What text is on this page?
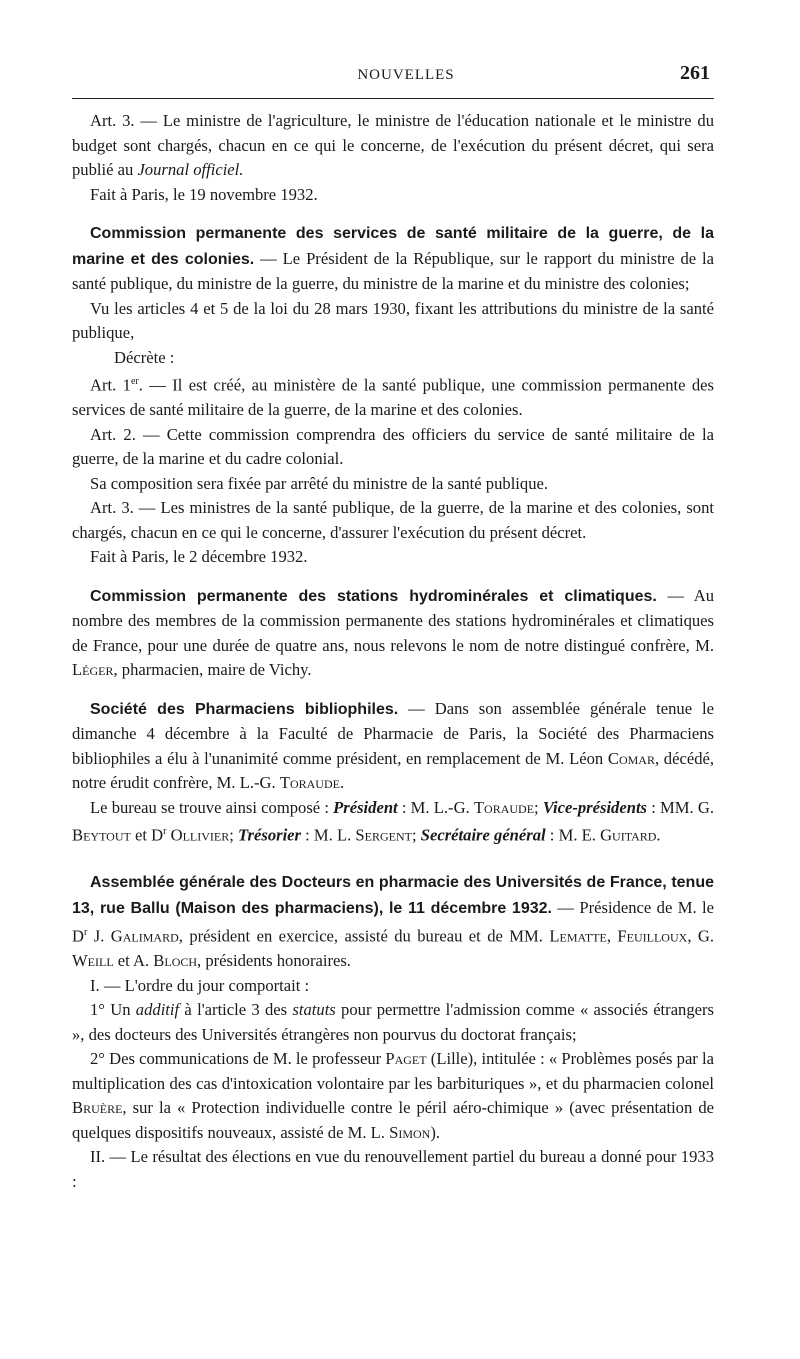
NOUVELLES	261

Art. 3. — Le ministre de l'agriculture, le ministre de l'éducation nationale et le ministre du budget sont chargés, chacun en ce qui le concerne, de l'exécution du présent décret, qui sera publié au Journal officiel.

Fait à Paris, le 19 novembre 1932.

Commission permanente des services de santé militaire de la guerre, de la marine et des colonies. — Le Président de la République, sur le rapport du ministre de la santé publique, du ministre de la guerre, du ministre de la marine et du ministre des colonies;

Vu les articles 4 et 5 de la loi du 28 mars 1930, fixant les attributions du ministre de la santé publique,

Décrète :

Art. 1er. — Il est créé, au ministère de la santé publique, une commission permanente des services de santé militaire de la guerre, de la marine et des colonies.

Art. 2. — Cette commission comprendra des officiers du service de santé militaire de la guerre, de la marine et du cadre colonial.

Sa composition sera fixée par arrêté du ministre de la santé publique.

Art. 3. — Les ministres de la santé publique, de la guerre, de la marine et des colonies, sont chargés, chacun en ce qui le concerne, d'assurer l'exécution du présent décret.

Fait à Paris, le 2 décembre 1932.

Commission permanente des stations hydrominérales et climatiques. — Au nombre des membres de la commission permanente des stations hydrominérales et climatiques de France, pour une durée de quatre ans, nous relevons le nom de notre distingué confrère, M. Léger, pharmacien, maire de Vichy.

Société des Pharmaciens bibliophiles. — Dans son assemblée générale tenue le dimanche 4 décembre à la Faculté de Pharmacie de Paris, la Société des Pharmaciens bibliophiles a élu à l'unanimité comme président, en remplacement de M. Léon Comar, décédé, notre érudit confrère, M. L.-G. Toraude.

Le bureau se trouve ainsi composé : Président : M. L.-G. Toraude; Vice-présidents : MM. G. Beytout et $D^r$ Ollivier; Trésorier : M. L. Sergent; Secrétaire général : M. E. Guitard.

Assemblée générale des Docteurs en pharmacie des Universités de France, tenue 13, rue Ballu (Maison des pharmaciens), le 11 décembre 1932. — Présidence de M. le $D^r$ J. Galimard, président en exercice, assisté du bureau et de MM. Lematte, Feuilloux, G. Weill et A. Bloch, présidents honoraires.

I. — L'ordre du jour comportait :

1° Un additif à l'article 3 des statuts pour permettre l'admission comme « associés étrangers », des docteurs des Universités étrangères non pourvus du doctorat français;

2° Des communications de M. le professeur Paget (Lille), intitulée : « Problèmes posés par la multiplication des cas d'intoxication volontaire par les barbituriques », et du pharmacien colonel Bruère, sur la « Protection individuelle contre le péril aéro-chimique » (avec présentation de quelques dispositifs nouveaux, assisté de M. L. Simon).

II. — Le résultat des élections en vue du renouvellement partiel du bureau a donné pour 1933 :
